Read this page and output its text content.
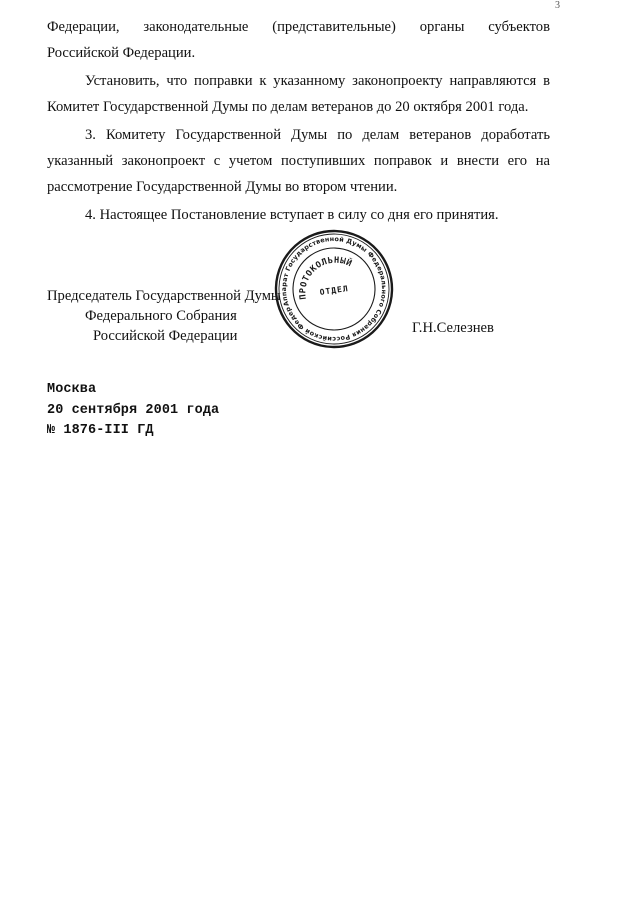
3
Федерации, законодательные (представительные) органы субъектов
Российской Федерации.
Установить, что поправки к указанному законопроекту направляются в
Комитет Государственной Думы по делам ветеранов до 20 октября 2001 года.
3. Комитету Государственной Думы по делам ветеранов доработать
указанный законопроект с учетом поступивших поправок и внести его на
рассмотрение Государственной Думы во втором чтении.
4. Настоящее Постановление вступает в силу со дня его принятия.
Председатель Государственной Думы
Федерального Собрания
Российской Федерации	Г.Н.Селезнев
Аппарат Государственной Думы Федерального Собрания Российской Федерации
ПРОТОКОЛЬНЫЙ
ОТДЕЛ
Москва
20 сентября 2001 года
№ 1876-III ГД
